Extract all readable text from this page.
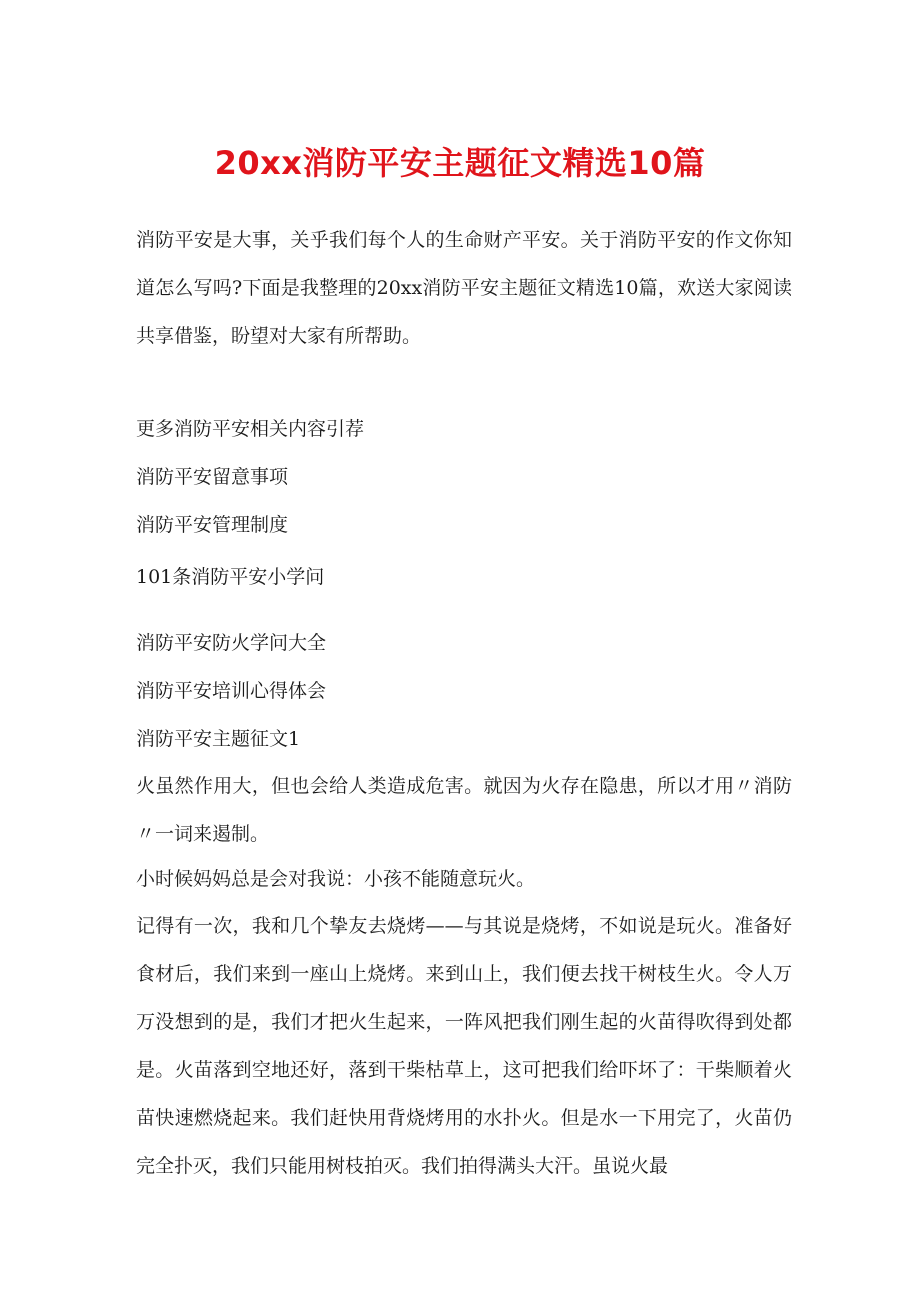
20xx消防平安主题征文精选10篇
消防平安是大事，关乎我们每个人的生命财产平安。关于消防平安的作文你知道怎么写吗?下面是我整理的20xx消防平安主题征文精选10篇，欢送大家阅读共享借鉴，盼望对大家有所帮助。
更多消防平安相关内容引荐
消防平安留意事项
消防平安管理制度
101条消防平安小学问
消防平安防火学问大全
消防平安培训心得体会
消防平安主题征文1
火虽然作用大，但也会给人类造成危害。就因为火存在隐患，所以才用〃消防〃一词来遏制。
小时候妈妈总是会对我说：小孩不能随意玩火。
记得有一次，我和几个挚友去烧烤——与其说是烧烤，不如说是玩火。准备好食材后，我们来到一座山上烧烤。来到山上，我们便去找干树枝生火。令人万万没想到的是，我们才把火生起来，一阵风把我们刚生起的火苗得吹得到处都是。火苗落到空地还好，落到干柴枯草上，这可把我们给吓坏了：干柴顺着火苗快速燃烧起来。我们赶快用背烧烤用的水扑火。但是水一下用完了，火苗仍完全扑灭，我们只能用树枝拍灭。我们拍得满头大汗。虽说火最
